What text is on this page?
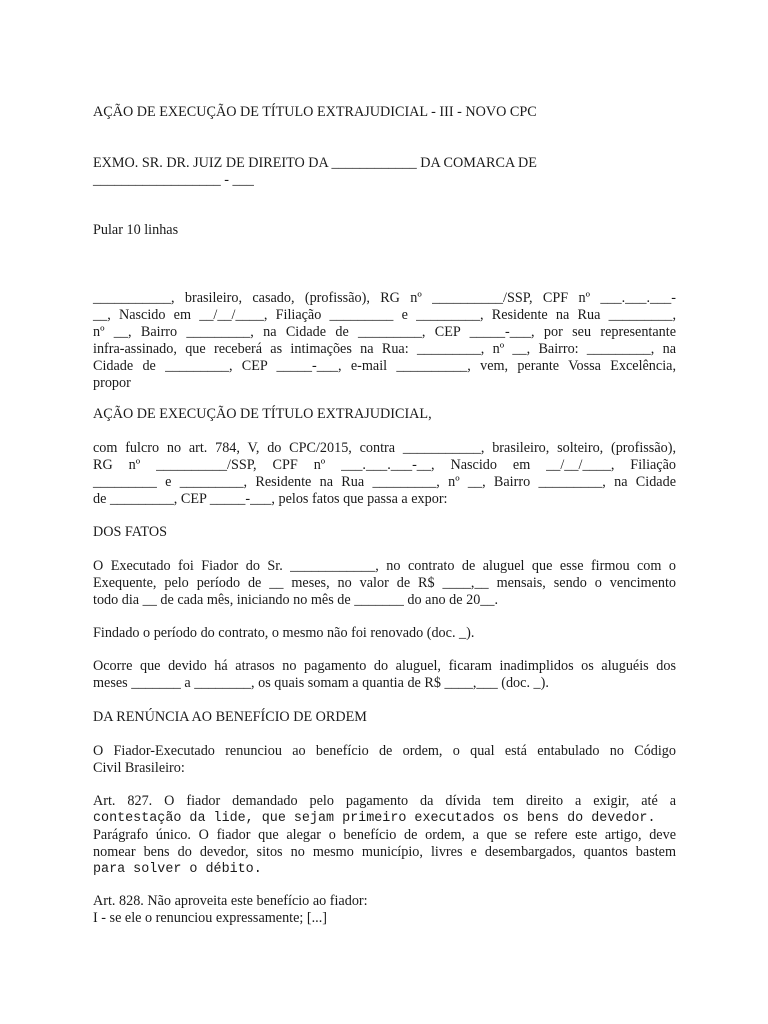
AÇÃO DE EXECUÇÃO DE TÍTULO EXTRAJUDICIAL - III - NOVO CPC

EXMO. SR. DR. JUIZ DE DIREITO DA ____________ DA COMARCA DE
__________________ - ___

Pular 10 linhas

___________, brasileiro, casado, (profissão), RG nº __________/SSP, CPF nº ___.___.___-
__, Nascido em __/__/____, Filiação _________ e _________, Residente na Rua _________,
nº __, Bairro _________, na Cidade de _________, CEP _____-___, por seu representante
infra-assinado, que receberá as intimações na Rua: _________, nº __, Bairro: _________, na
Cidade de _________, CEP _____-___, e-mail __________, vem, perante Vossa Excelência,
propor

AÇÃO DE EXECUÇÃO DE TÍTULO EXTRAJUDICIAL,

com fulcro no art. 784, V, do CPC/2015, contra ___________, brasileiro, solteiro, (profissão),
RG nº __________/SSP, CPF nº ___.___.___-__, Nascido em __/__/____, Filiação
_________ e _________, Residente na Rua _________, nº __, Bairro _________, na Cidade
de _________, CEP _____-___, pelos fatos que passa a expor:

DOS FATOS

O Executado foi Fiador do Sr. ____________, no contrato de aluguel que esse firmou com o
Exequente, pelo período de __ meses, no valor de R$ ____,__ mensais, sendo o vencimento
todo dia __ de cada mês, iniciando no mês de _______ do ano de 20__.

Findado o período do contrato, o mesmo não foi renovado (doc. _).

Ocorre que devido há atrasos no pagamento do aluguel, ficaram inadimplidos os aluguéis dos
meses _______ a ________, os quais somam a quantia de R$ ____,___ (doc. _).

DA RENÚNCIA AO BENEFÍCIO DE ORDEM

O Fiador-Executado renunciou ao benefício de ordem, o qual está entabulado no Código
Civil Brasileiro:

Art. 827. O fiador demandado pelo pagamento da dívida tem direito a exigir, até a
contestação da lide, que sejam primeiro executados os bens do devedor.
Parágrafo único. O fiador que alegar o benefício de ordem, a que se refere este artigo, deve
nomear bens do devedor, sitos no mesmo município, livres e desembargados, quantos bastem
para solver o débito.

Art. 828. Não aproveita este benefício ao fiador:
I - se ele o renunciou expressamente; [...]
